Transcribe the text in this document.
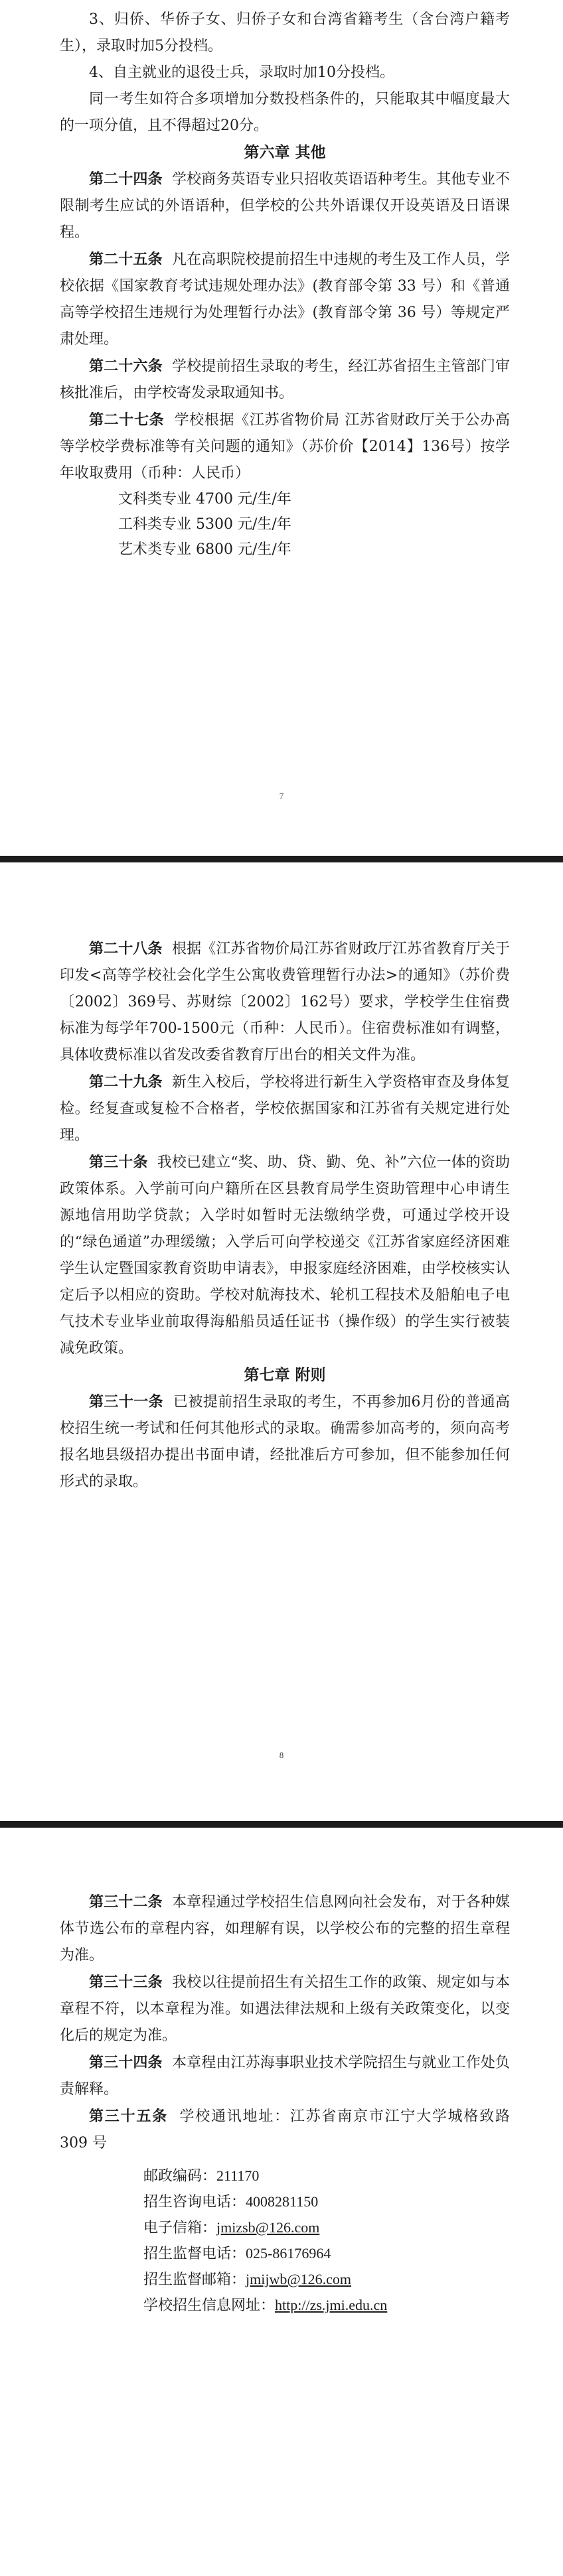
3、归侨、华侨子女、归侨子女和台湾省籍考生（含台湾户籍考生），录取时加5分投档。

4、自主就业的退役士兵，录取时加10分投档。

同一考生如符合多项增加分数投档条件的，只能取其中幅度最大的一项分值，且不得超过20分。

第六章 其他

第二十四条 学校商务英语专业只招收英语语种考生。其他专业不限制考生应试的外语语种，但学校的公共外语课仅开设英语及日语课程。

第二十五条 凡在高职院校提前招生中违规的考生及工作人员，学校依据《国家教育考试违规处理办法》(教育部令第 33 号）和《普通高等学校招生违规行为处理暂行办法》(教育部令第 36 号）等规定严肃处理。

第二十六条 学校提前招生录取的考生，经江苏省招生主管部门审核批准后，由学校寄发录取通知书。

第二十七条 学校根据《江苏省物价局 江苏省财政厅关于公办高等学校学费标准等有关问题的通知》（苏价价【2014】136号）按学年收取费用（币种：人民币）

文科类专业 4700 元/生/年

工科类专业 5300 元/生/年

艺术类专业 6800 元/生/年

7

第二十八条 根据《江苏省物价局江苏省财政厅江苏省教育厅关于印发<高等学校社会化学生公寓收费管理暂行办法>的通知》（苏价费〔2002〕369号、苏财综〔2002〕162号）要求，学校学生住宿费标准为每学年700-1500元（币种：人民币）。住宿费标准如有调整，具体收费标准以省发改委省教育厅出台的相关文件为准。

第二十九条 新生入校后，学校将进行新生入学资格审查及身体复检。经复查或复检不合格者，学校依据国家和江苏省有关规定进行处理。

第三十条 我校已建立“奖、助、贷、勤、免、补”六位一体的资助政策体系。入学前可向户籍所在区县教育局学生资助管理中心申请生源地信用助学贷款；入学时如暂时无法缴纳学费，可通过学校开设的“绿色通道”办理缓缴；入学后可向学校递交《江苏省家庭经济困难学生认定暨国家教育资助申请表》，申报家庭经济困难，由学校核实认定后予以相应的资助。学校对航海技术、轮机工程技术及船舶电子电气技术专业毕业前取得海船船员适任证书（操作级）的学生实行被装减免政策。

第七章 附则

第三十一条 已被提前招生录取的考生，不再参加6月份的普通高校招生统一考试和任何其他形式的录取。确需参加高考的，须向高考报名地县级招办提出书面申请，经批准后方可参加，但不能参加任何形式的录取。

8

第三十二条 本章程通过学校招生信息网向社会发布，对于各种媒体节选公布的章程内容，如理解有误，以学校公布的完整的招生章程为准。

第三十三条 我校以往提前招生有关招生工作的政策、规定如与本章程不符，以本章程为准。如遇法律法规和上级有关政策变化，以变化后的规定为准。

第三十四条 本章程由江苏海事职业技术学院招生与就业工作处负责解释。

第三十五条 学校通讯地址：江苏省南京市江宁大学城格致路 309 号

邮政编码：211170

招生咨询电话：4008281150

电子信箱：jmizsb@126.com

招生监督电话：025-86176964

招生监督邮箱：jmijwb@126.com

学校招生信息网址：http://zs.jmi.edu.cn
